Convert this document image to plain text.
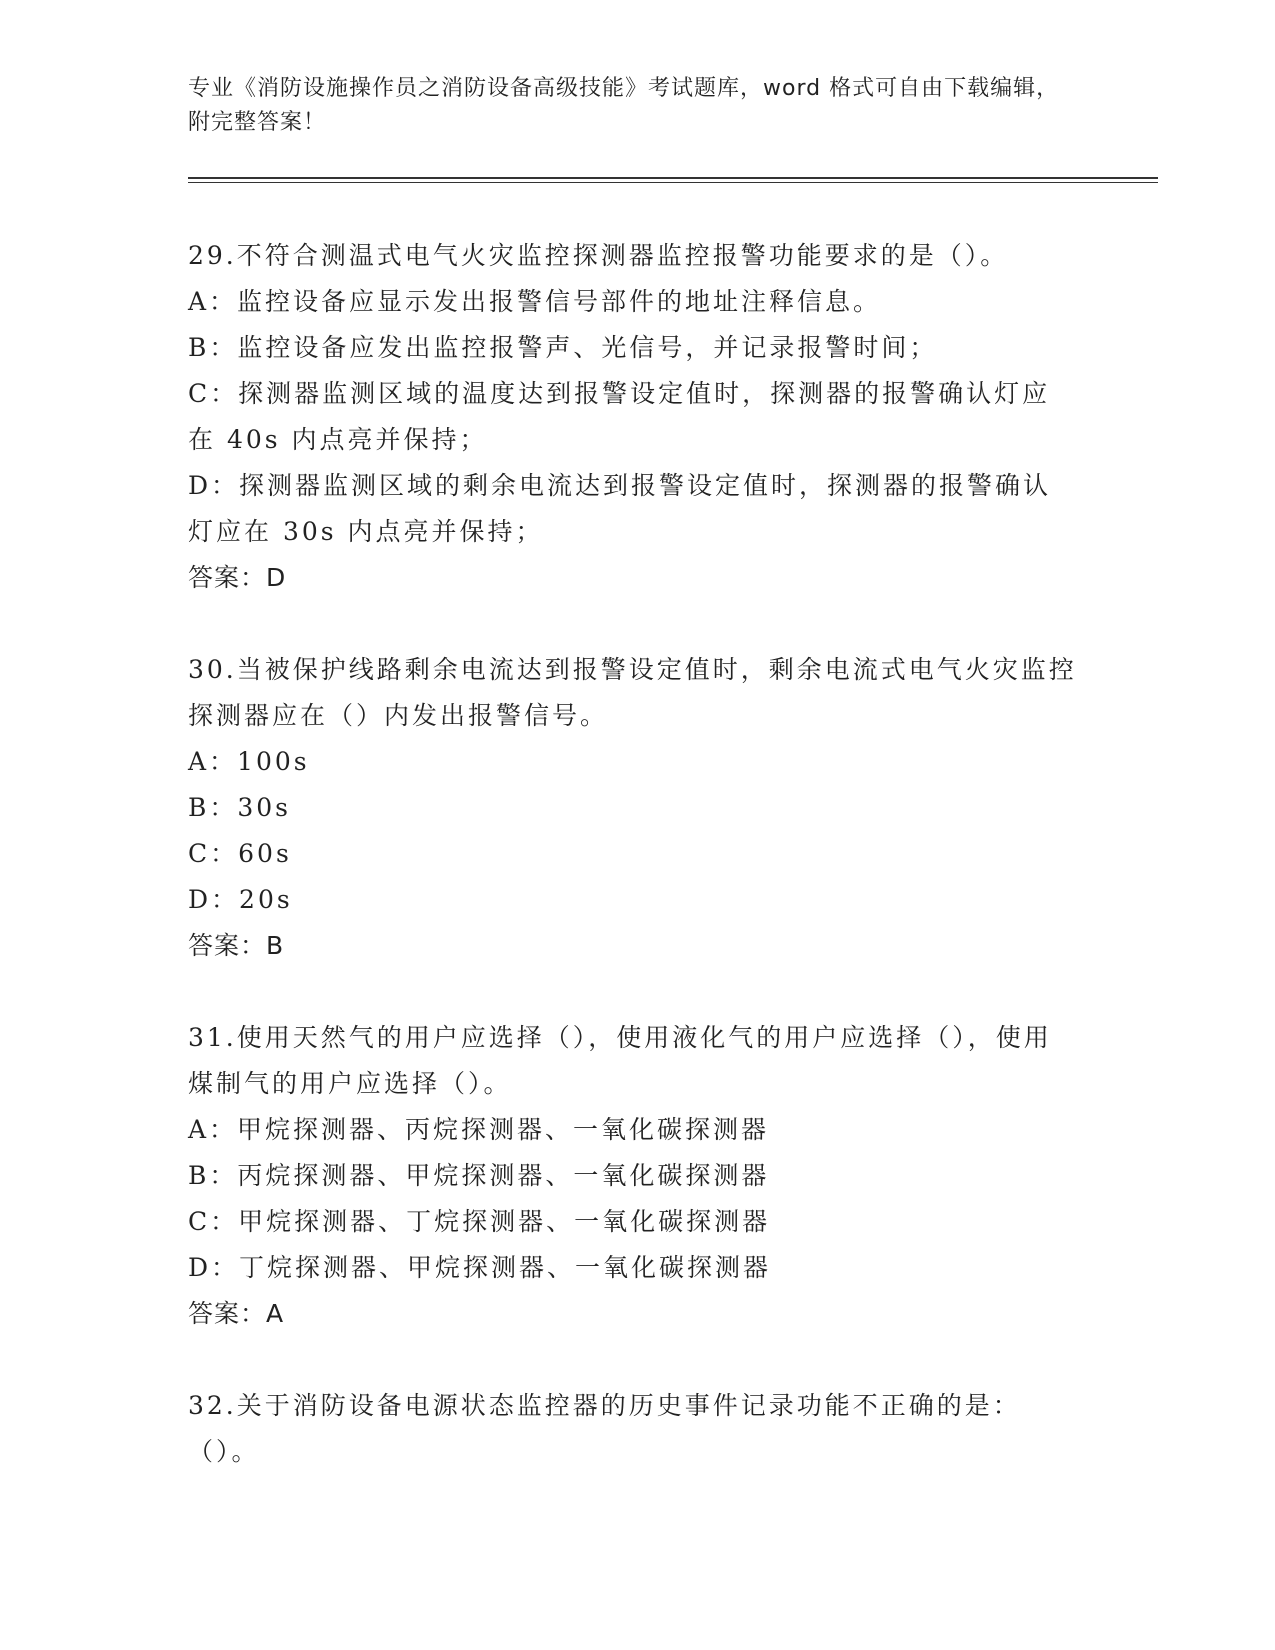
专业《消防设施操作员之消防设备高级技能》考试题库，word 格式可自由下载编辑，附完整答案！
29.不符合测温式电气火灾监控探测器监控报警功能要求的是（）。
A：监控设备应显示发出报警信号部件的地址注释信息。
B：监控设备应发出监控报警声、光信号，并记录报警时间；
C：探测器监测区域的温度达到报警设定值时，探测器的报警确认灯应在 40s 内点亮并保持；
D：探测器监测区域的剩余电流达到报警设定值时，探测器的报警确认灯应在 30s 内点亮并保持；
答案：D
30.当被保护线路剩余电流达到报警设定值时，剩余电流式电气火灾监控探测器应在（）内发出报警信号。
A：100s
B：30s
C：60s
D：20s
答案：B
31.使用天然气的用户应选择（），使用液化气的用户应选择（），使用煤制气的用户应选择（）。
A：甲烷探测器、丙烷探测器、一氧化碳探测器
B：丙烷探测器、甲烷探测器、一氧化碳探测器
C：甲烷探测器、丁烷探测器、一氧化碳探测器
D：丁烷探测器、甲烷探测器、一氧化碳探测器
答案：A
32.关于消防设备电源状态监控器的历史事件记录功能不正确的是：（）。
